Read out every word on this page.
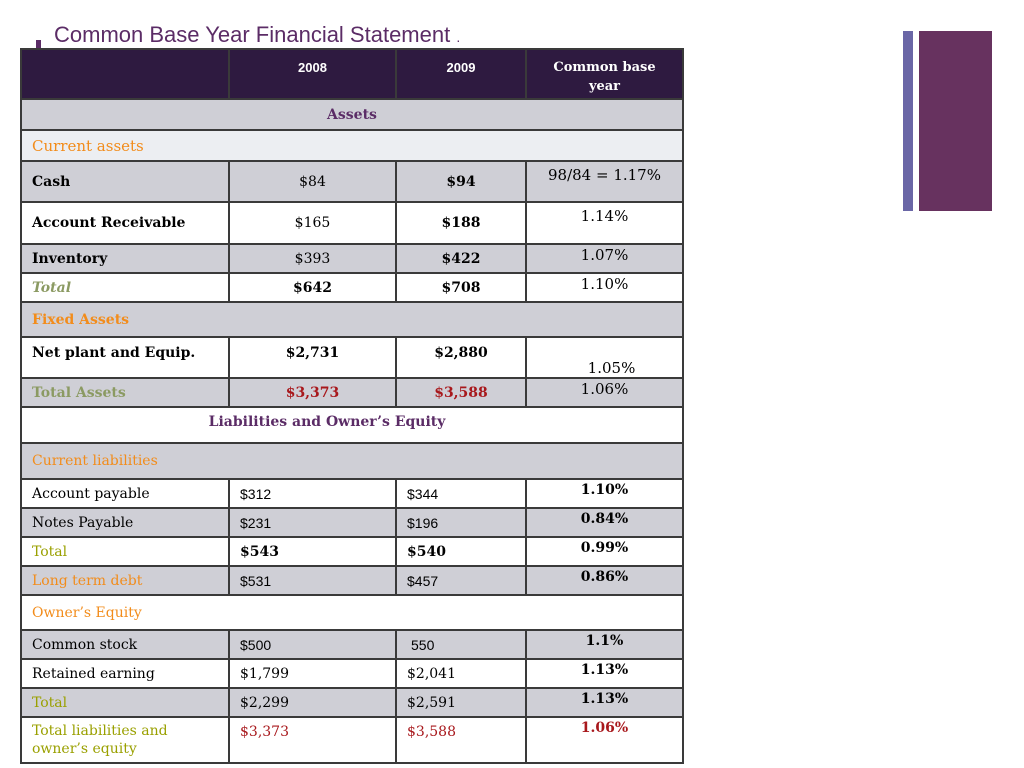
Common Base Year Financial Statement .
	2008	2009	Common base year
Assets			
Current assets			
Cash	$84	$94	98/84 = 1.17%
Account Receivable	$165	$188	1.14%
Inventory	$393	$422	1.07%
Total	$642	$708	1.10%
Fixed Assets			
Net plant and Equip.	$2,731	$2,880	1.05%
Total Assets	$3,373	$3,588	1.06%
Liabilities and Owner’s Equity			
Current liabilities			
Account payable	$312	$344	1.10%
Notes Payable	$231	$196	0.84%
Total	$543	$540	0.99%
Long term debt	$531	$457	0.86%
Owner’s Equity			
Common stock	$500	550	1.1%
Retained earning	$1,799	$2,041	1.13%
Total	$2,299	$2,591	1.13%
Total liabilities and owner’s equity	$3,373	$3,588	1.06%
